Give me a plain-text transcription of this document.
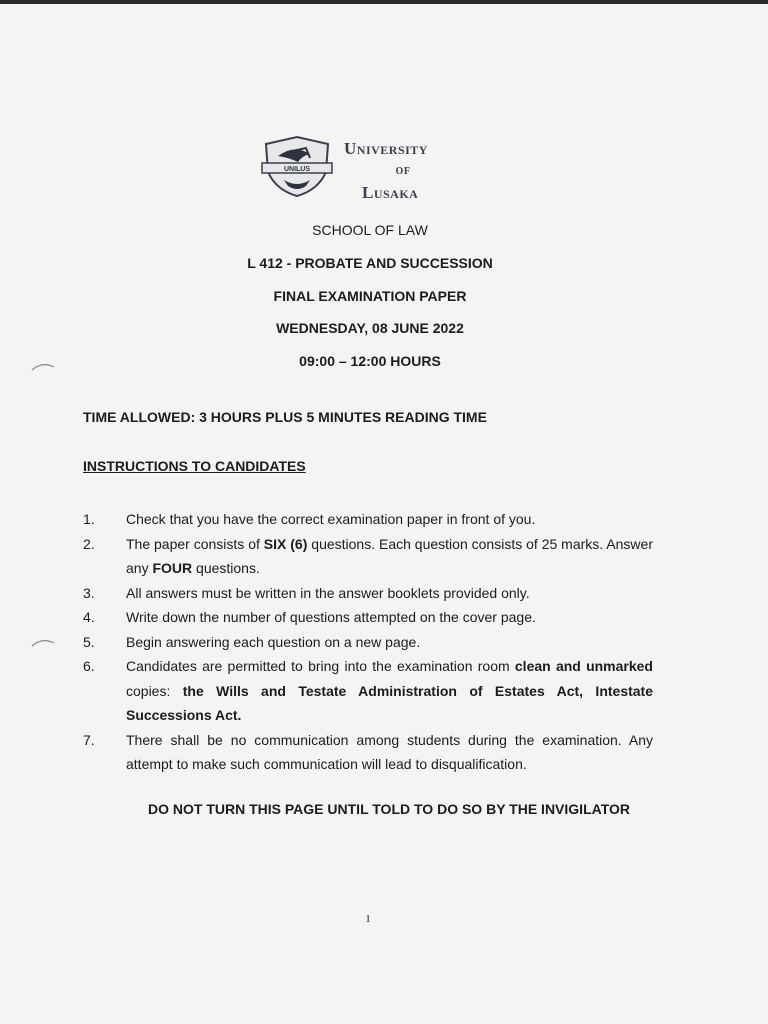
UNILUS
University
of
Lusaka
SCHOOL OF LAW
L 412 - PROBATE AND SUCCESSION
FINAL EXAMINATION PAPER
WEDNESDAY, 08 JUNE 2022
09:00 – 12:00 HOURS
TIME ALLOWED: 3 HOURS PLUS 5 MINUTES READING TIME
INSTRUCTIONS TO CANDIDATES
1. Check that you have the correct examination paper in front of you.
2. The paper consists of SIX (6) questions. Each question consists of 25 marks. Answer any FOUR questions.
3. All answers must be written in the answer booklets provided only.
4. Write down the number of questions attempted on the cover page.
5. Begin answering each question on a new page.
6. Candidates are permitted to bring into the examination room clean and unmarked copies: the Wills and Testate Administration of Estates Act, Intestate Successions Act.
7. There shall be no communication among students during the examination. Any attempt to make such communication will lead to disqualification.
DO NOT TURN THIS PAGE UNTIL TOLD TO DO SO BY THE INVIGILATOR
1
